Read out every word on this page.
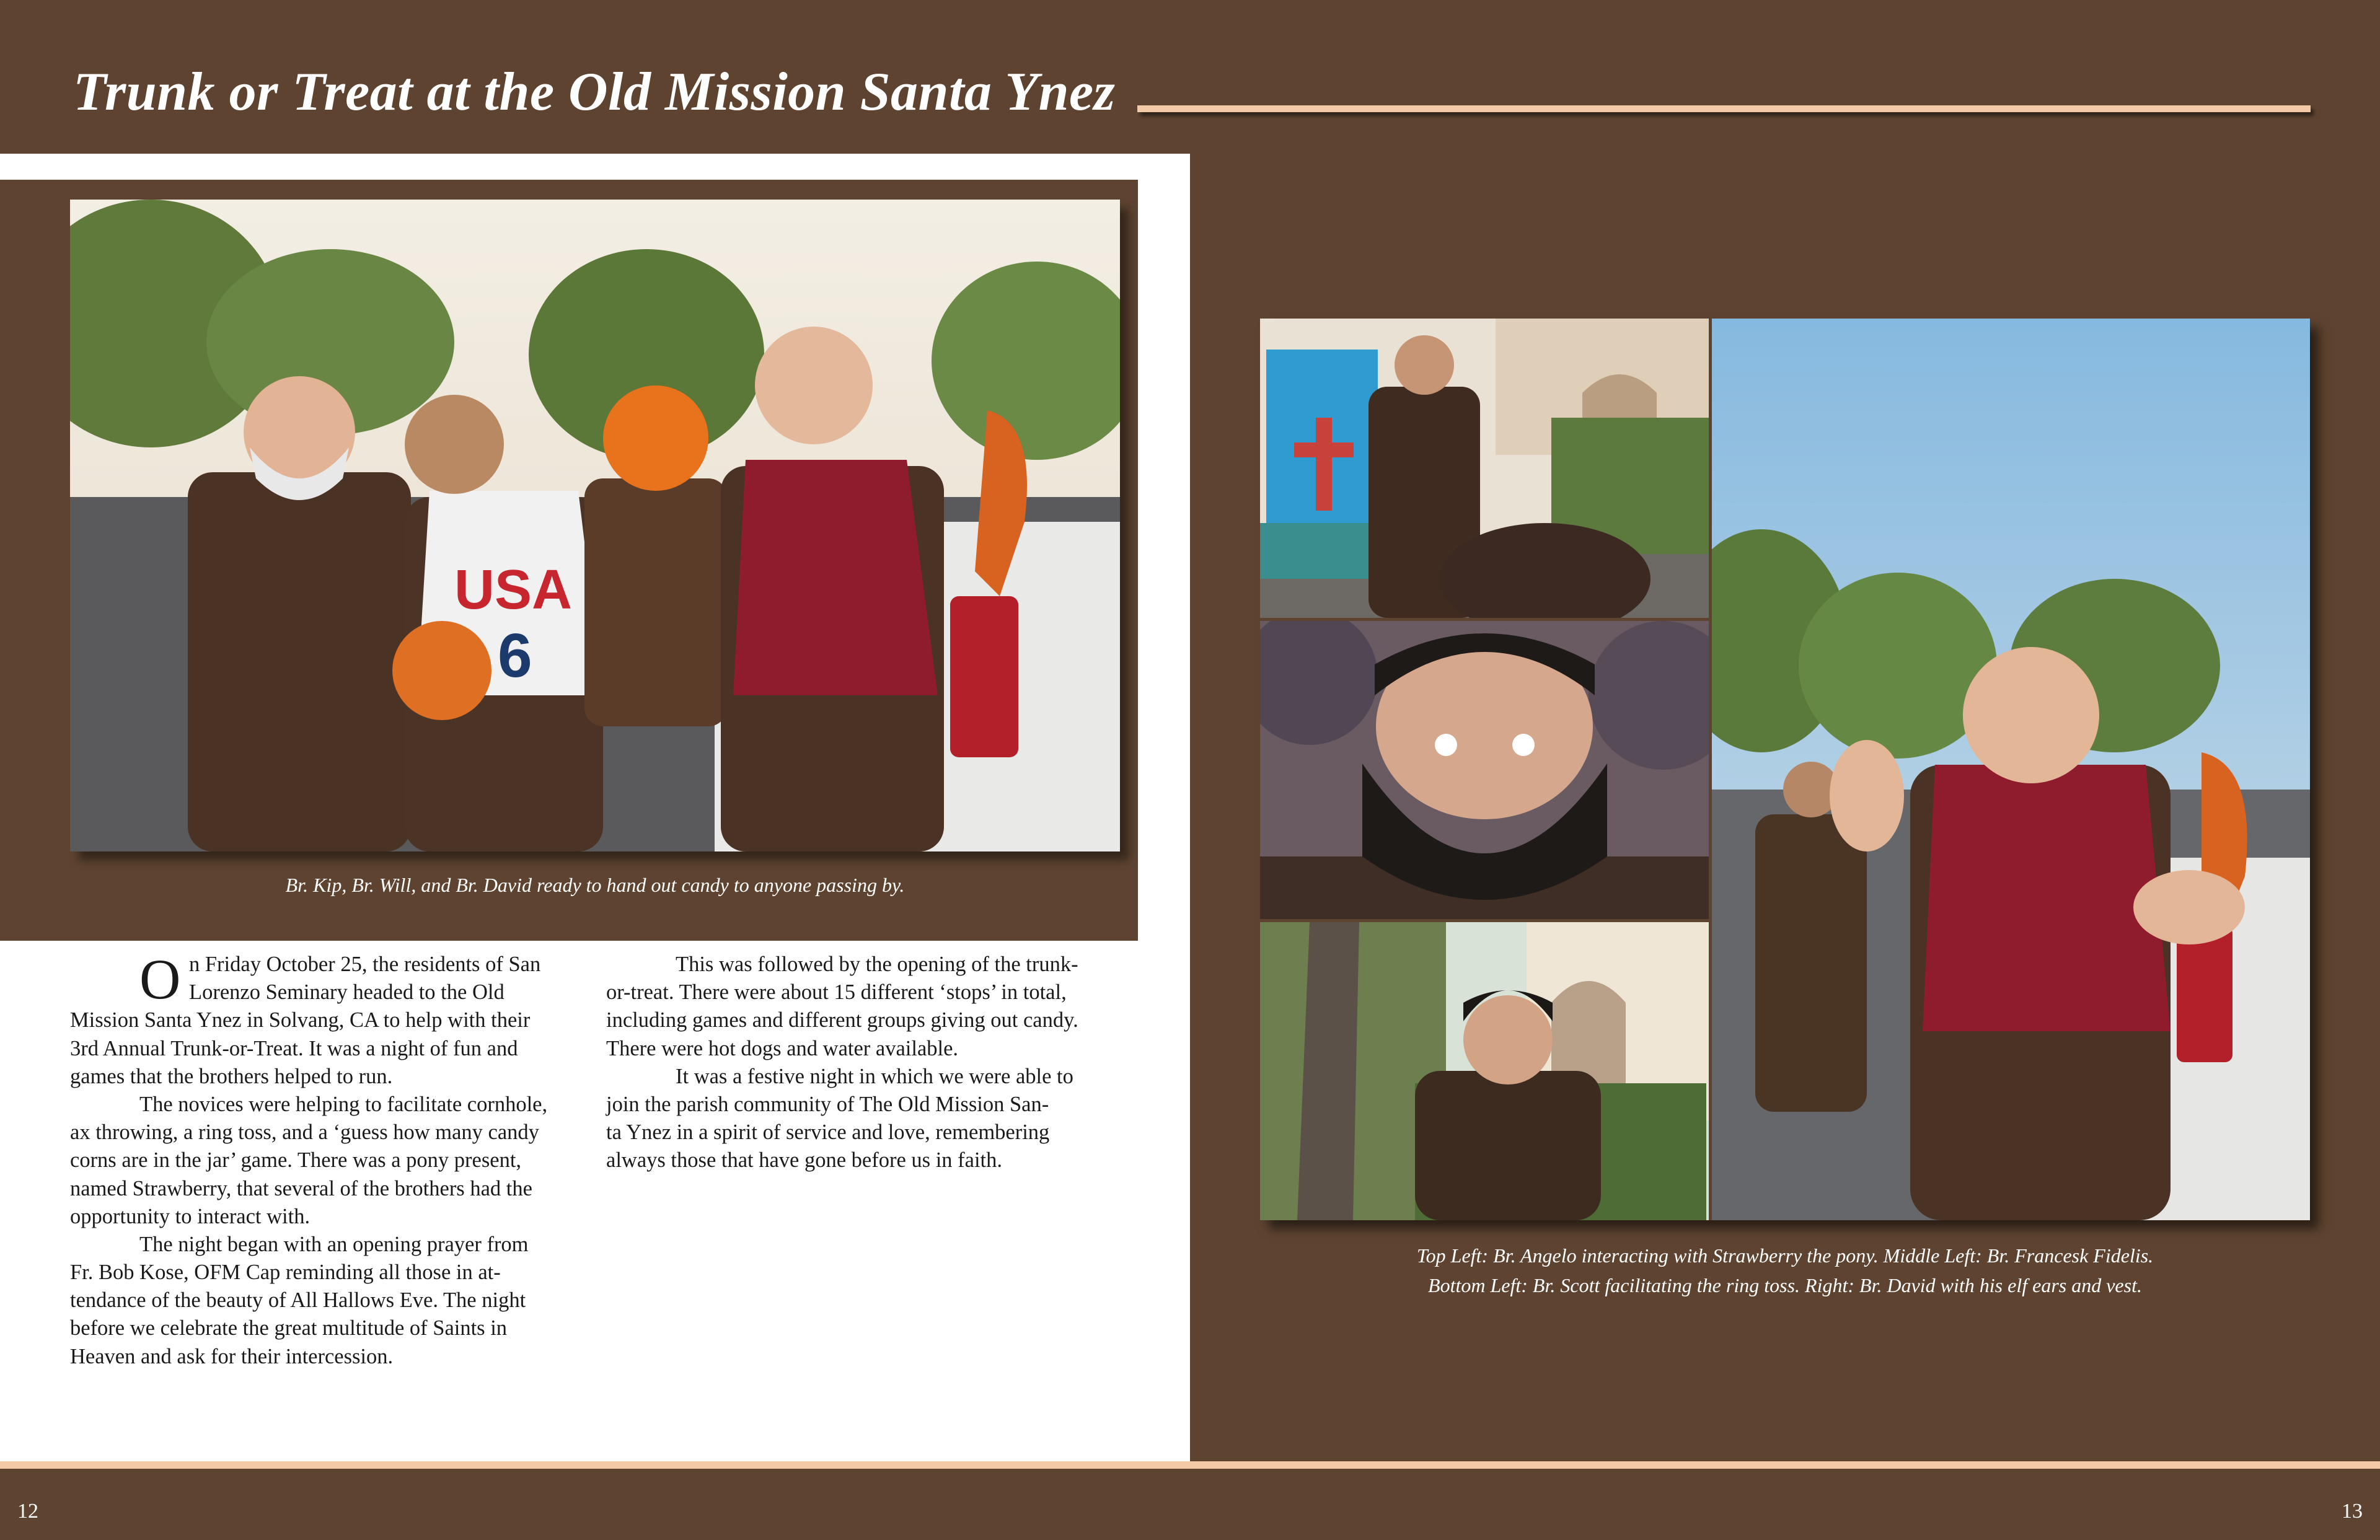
Trunk or Treat at the Old Mission Santa Ynez
USA
6

Br. Kip, Br. Will, and Br. David ready to hand out candy to anyone passing by.

O n Friday October 25, the residents of San
Lorenzo Seminary headed to the Old
Mission Santa Ynez in Solvang, CA to help with their
3rd Annual Trunk-or-Treat. It was a night of fun and
games that the brothers helped to run.
The novices were helping to facilitate cornhole,
ax throwing, a ring toss, and a ‘guess how many candy
corns are in the jar’ game. There was a pony present,
named Strawberry, that several of the brothers had the
opportunity to interact with.
The night began with an opening prayer from
Fr. Bob Kose, OFM Cap reminding all those in at-
tendance of the beauty of All Hallows Eve. The night
before we celebrate the great multitude of Saints in
Heaven and ask for their intercession.
This was followed by the opening of the trunk-
or-treat. There were about 15 different ‘stops’ in total,
including games and different groups giving out candy.
There were hot dogs and water available.
It was a festive night in which we were able to
join the parish community of The Old Mission San-
ta Ynez in a spirit of service and love, remembering
always those that have gone before us in faith.

Top Left: Br. Angelo interacting with Strawberry the pony. Middle Left: Br. Francesk Fidelis.
Bottom Left: Br. Scott facilitating the ring toss. Right: Br. David with his elf ears and vest.

12	13
